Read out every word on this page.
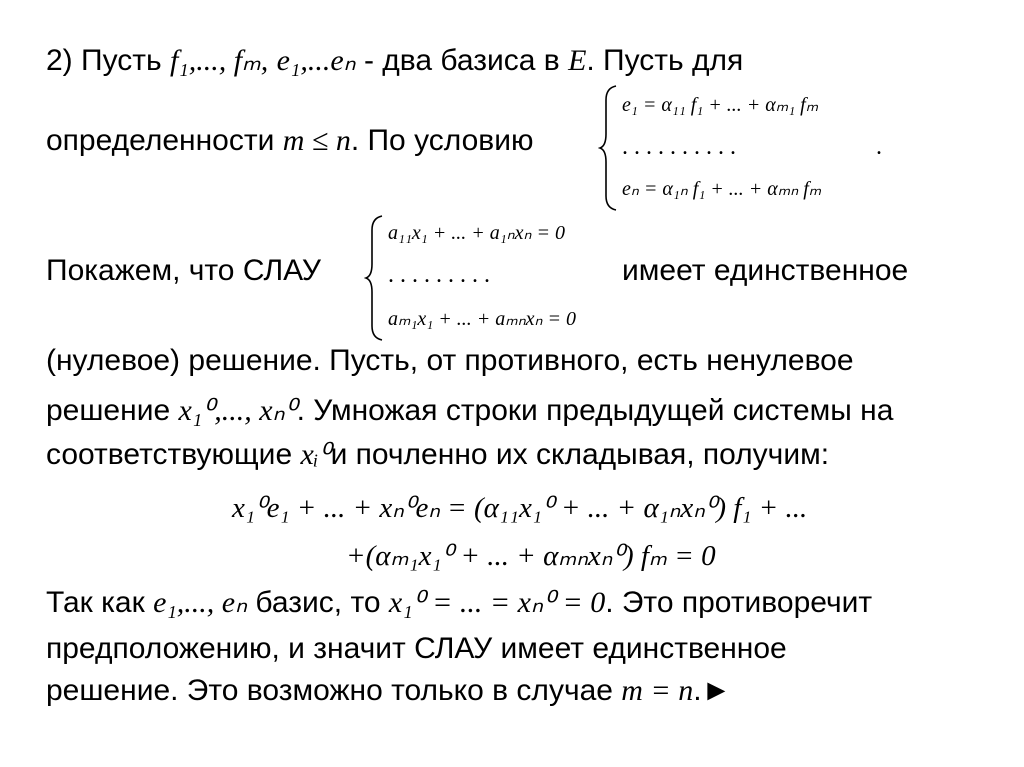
2) Пусть f₁,..., fₘ, e₁,...eₙ - два базиса в E. Пусть для
определенности m ≤ n. По условию
e₁ = α₁₁ f₁ + ... + αₘ₁ fₘ
. . . . . . . . . .	.
eₙ = α₁ₙ f₁ + ... + αₘₙ fₘ
Покажем, что СЛАУ
a₁₁x₁ + ... + a₁ₙxₙ = 0
. . . . . . . . .
aₘ₁x₁ + ... + aₘₙxₙ = 0
имеет единственное
(нулевое) решение. Пусть, от противного, есть ненулевое
решение x₁⁰,..., xₙ⁰. Умножая строки предыдущей системы на
соответствующие xᵢ⁰и почленно их складывая, получим:
x₁⁰e₁ + ... + xₙ⁰eₙ = (α₁₁x₁⁰ + ... + α₁ₙxₙ⁰) f₁ + ...
+(αₘ₁x₁⁰ + ... + αₘₙxₙ⁰) fₘ = 0
Так как e₁,..., eₙ базис, то x₁⁰ = ... = xₙ⁰ = 0. Это противоречит
предположению, и значит СЛАУ имеет единственное
решение. Это возможно только в случае m = n.►
